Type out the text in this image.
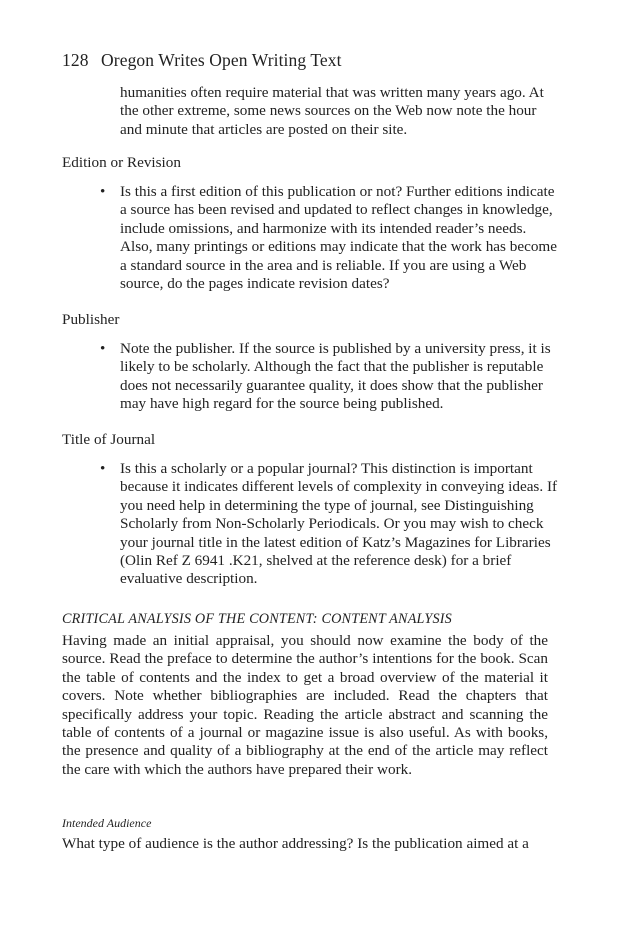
128 Oregon Writes Open Writing Text
humanities often require material that was written many years ago. At the other extreme, some news sources on the Web now note the hour and minute that articles are posted on their site.
Edition or Revision
• Is this a first edition of this publication or not? Further editions indicate a source has been revised and updated to reflect changes in knowledge, include omissions, and harmonize with its intended reader’s needs. Also, many printings or editions may indicate that the work has become a standard source in the area and is reliable. If you are using a Web source, do the pages indicate revision dates?
Publisher
• Note the publisher. If the source is published by a university press, it is likely to be scholarly. Although the fact that the publisher is reputable does not necessarily guarantee quality, it does show that the publisher may have high regard for the source being published.
Title of Journal
• Is this a scholarly or a popular journal? This distinction is important because it indicates different levels of complexity in conveying ideas. If you need help in determining the type of journal, see Distinguishing Scholarly from Non-Scholarly Periodicals. Or you may wish to check your journal title in the latest edition of Katz’s Magazines for Libraries (Olin Ref Z 6941 .K21, shelved at the reference desk) for a brief evaluative description.
CRITICAL ANALYSIS OF THE CONTENT: CONTENT ANALYSIS
Having made an initial appraisal, you should now examine the body of the source. Read the preface to determine the author’s intentions for the book. Scan the table of contents and the index to get a broad overview of the material it covers. Note whether bibliographies are included. Read the chapters that specifically address your topic. Reading the article abstract and scanning the table of contents of a journal or magazine issue is also useful. As with books, the presence and quality of a bibliography at the end of the article may reflect the care with which the authors have prepared their work.
Intended Audience
What type of audience is the author addressing? Is the publication aimed at a
